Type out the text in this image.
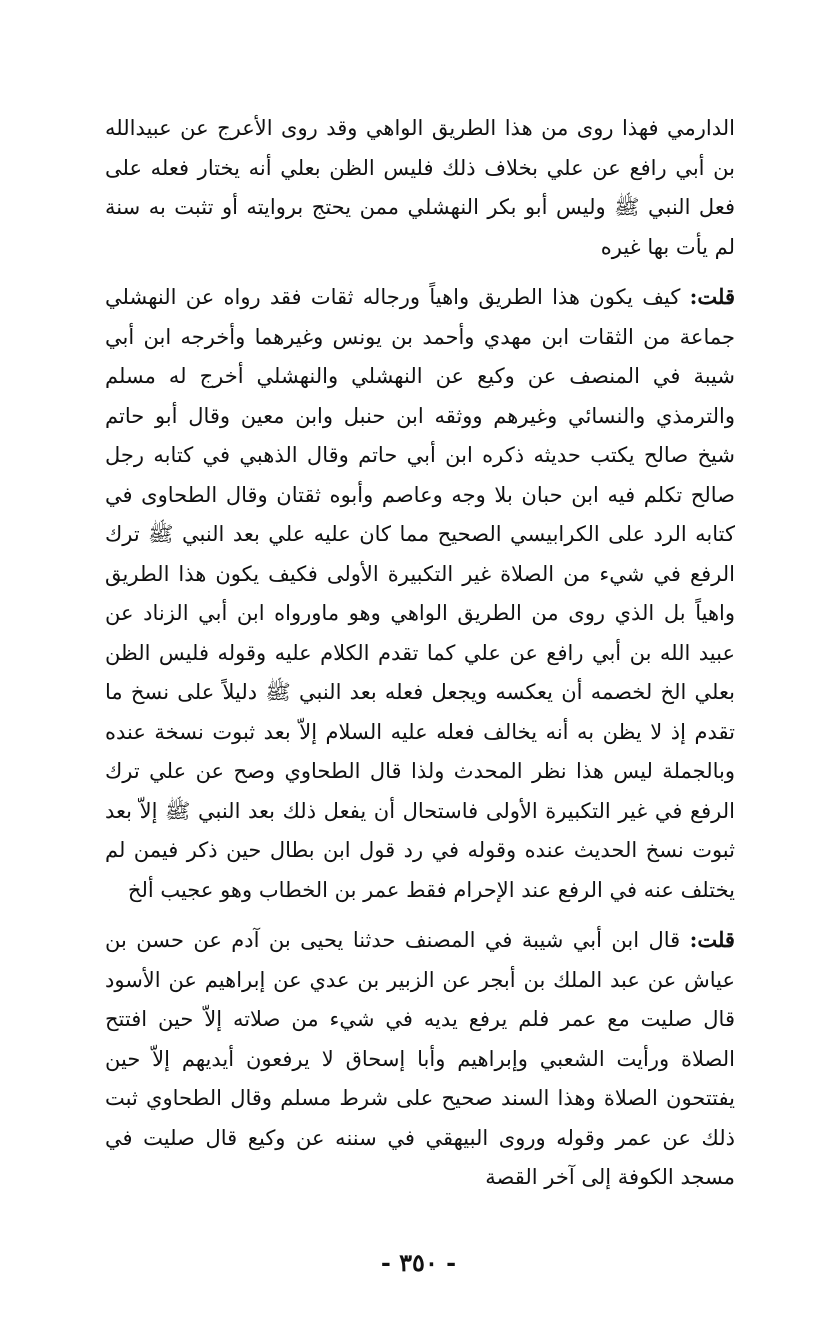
الدارمي فهذا روى من هذا الطريق الواهي وقد روى الأعرج عن عبيدالله بن أبي رافع عن علي بخلاف ذلك فليس الظن بعلي أنه يختار فعله على فعل النبي ﷺ وليس أبو بكر النهشلي ممن يحتج بروايته أو تثبت به سنة لم يأت بها غيره

قلت: كيف يكون هذا الطريق واهياً ورجاله ثقات فقد رواه عن النهشلي جماعة من الثقات ابن مهدي وأحمد بن يونس وغيرهما وأخرجه ابن أبي شيبة في المنصف عن وكيع عن النهشلي والنهشلي أخرج له مسلم والترمذي والنسائي وغيرهم ووثقه ابن حنبل وابن معين وقال أبو حاتم شيخ صالح يكتب حديثه ذكره ابن أبي حاتم وقال الذهبي في كتابه رجل صالح تكلم فيه ابن حبان بلا وجه وعاصم وأبوه ثقتان وقال الطحاوى في كتابه الرد على الكرابيسي الصحيح مما كان عليه علي بعد النبي ﷺ ترك الرفع في شيء من الصلاة غير التكبيرة الأولى فكيف يكون هذا الطريق واهياً بل الذي روى من الطريق الواهي وهو ماورواه ابن أبي الزناد عن عبيد الله بن أبي رافع عن علي كما تقدم الكلام عليه وقوله فليس الظن بعلي الخ لخصمه أن يعكسه ويجعل فعله بعد النبي ﷺ دليلاً على نسخ ما تقدم إذ لا يظن به أنه يخالف فعله عليه السلام إلاّ بعد ثبوت نسخة عنده وبالجملة ليس هذا نظر المحدث ولذا قال الطحاوي وصح عن علي ترك الرفع في غير التكبيرة الأولى فاستحال أن يفعل ذلك بعد النبي ﷺ إلاّ بعد ثبوت نسخ الحديث عنده وقوله في رد قول ابن بطال حين ذكر فيمن لم يختلف عنه في الرفع عند الإحرام فقط عمر بن الخطاب وهو عجيب ألخ

قلت: قال ابن أبي شيبة في المصنف حدثنا يحيى بن آدم عن حسن بن عياش عن عبد الملك بن أبجر عن الزبير بن عدي عن إبراهيم عن الأسود قال صليت مع عمر فلم يرفع يديه في شيء من صلاته إلاّ حين افتتح الصلاة ورأيت الشعبي وإبراهيم وأبا إسحاق لا يرفعون أيديهم إلاّ حين يفتتحون الصلاة وهذا السند صحيح على شرط مسلم وقال الطحاوي ثبت ذلك عن عمر وقوله وروى البيهقي في سننه عن وكيع قال صليت في مسجد الكوفة إلى آخر القصة

- ٣٥٠ -
